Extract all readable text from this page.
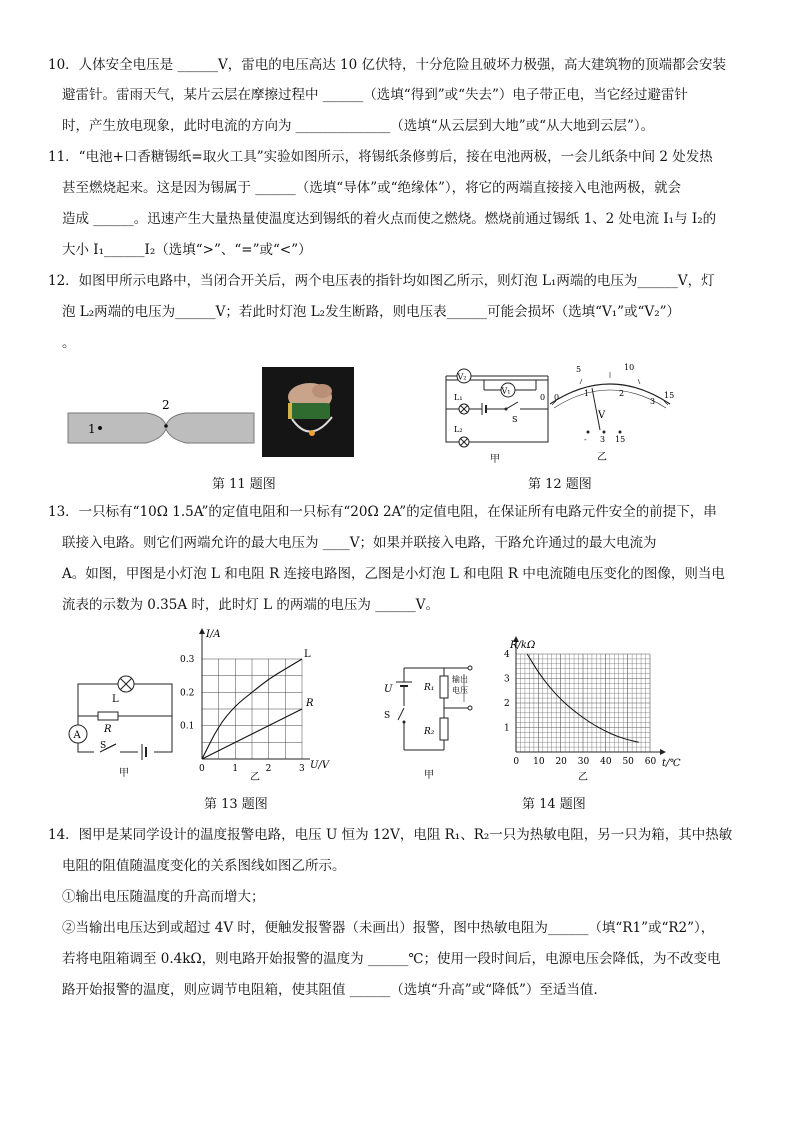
10．人体安全电压是 ______V，雷电的电压高达 10 亿伏特，十分危险且破坏力极强，高大建筑物的顶端都会安装
避雷针。雷雨天气，某片云层在摩擦过程中 ______（选填“得到”或“失去”）电子带正电，当它经过避雷针
时，产生放电现象，此时电流的方向为 ______________（选填“从云层到大地”或“从大地到云层”）。
11．“电池+口香糖锡纸=取火工具”实验如图所示，将锡纸条修剪后，接在电池两极，一会儿纸条中间 2 处发热
甚至燃烧起来。这是因为锡属于 ______（选填“导体”或“绝缘体”），将它的两端直接接入电池两极，就会
造成 ______。迅速产生大量热量使温度达到锡纸的着火点而使之燃烧。燃烧前通过锡纸 1、2 处电流 I₁与 I₂的
大小 I₁______I₂（选填“>”、“=”或“<”）
12．如图甲所示电路中，当闭合开关后，两个电压表的指针均如图乙所示，则灯泡 L₁两端的电压为______V，灯
泡 L₂两端的电压为______V；若此时灯泡 L₂发生断路，则电压表______可能会损坏（选填“V₁”或“V₂”）
。
1
2
第 11 题图
V₂
V₁
L₁
S
L₂
甲
0
5	10
15
0	1	2
3
V
- 3 15
乙
第 12 题图
13．一只标有“10Ω 1.5A”的定值电阻和一只标有“20Ω 2A”的定值电阻，在保证所有电路元件安全的前提下，串
联接入电路。则它们两端允许的最大电压为 ____V；如果并联接入电路，干路允许通过的最大电流为
A。如图，甲图是小灯泡 L 和电阻 R 连接电路图，乙图是小灯泡 L 和电阻 R 中电流随电压变化的图像，则当电
流表的示数为 0.35A 时，此时灯 L 的两端的电压为 ______V。
L
R
A
S
甲
I/A
U/V
0	1	2	3
0.1
0.2
0.3	L
R
乙
第 13 题图
U
S
R₁
R₂
输出
电压
甲
R/kΩ
t/℃
0 10 20 30 40 50 60
1
2
3
4
乙
第 14 题图
14．图甲是某同学设计的温度报警电路，电压 U 恒为 12V，电阻 R₁、R₂一只为热敏电阻，另一只为箱，其中热敏
电阻的阻值随温度变化的关系图线如图乙所示。
①输出电压随温度的升高而增大；
②当输出电压达到或超过 4V 时，便触发报警器（未画出）报警，图中热敏电阻为______（填“R1”或“R2”），
若将电阻箱调至 0.4kΩ，则电路开始报警的温度为 ______℃；使用一段时间后，电源电压会降低，为不改变电
路开始报警的温度，则应调节电阻箱，使其阻值 ______（选填“升高”或“降低”）至适当值.
